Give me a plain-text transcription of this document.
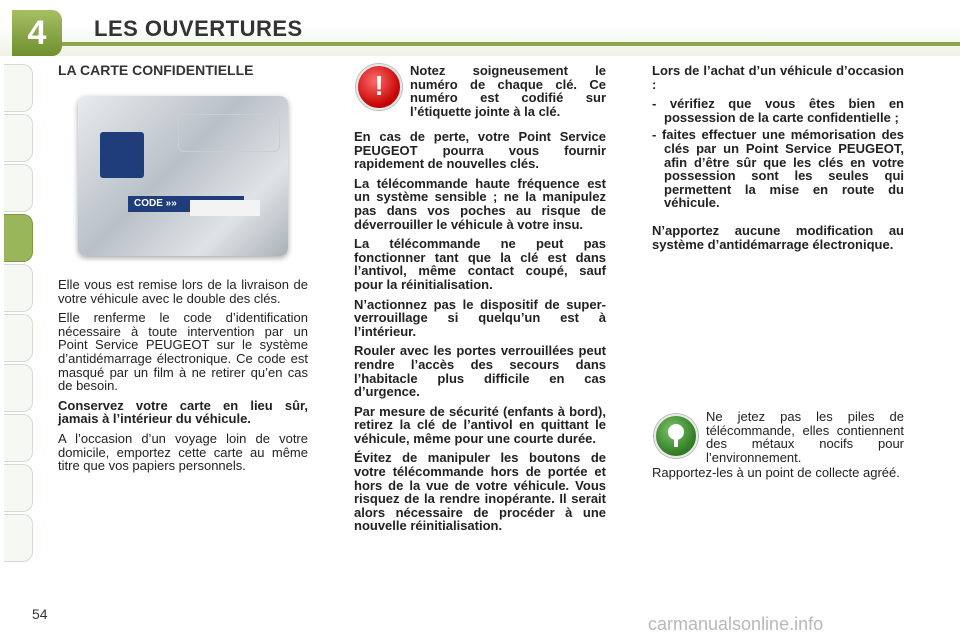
4	LES OUVERTURES
LA CARTE CONFIDENTIELLE
CODE »»

Elle vous est remise lors de la livraison de votre véhicule avec le double des clés.

Elle renferme le code d’identification nécessaire à toute intervention par un Point Service PEUGEOT sur le système d’antidémarrage électronique. Ce code est masqué par un film à ne retirer qu’en cas de besoin.

Conservez votre carte en lieu sûr, jamais à l’intérieur du véhicule.

A l’occasion d’un voyage loin de votre domicile, emportez cette carte au même titre que vos papiers personnels.

!	Notez soigneusement le numéro de chaque clé. Ce numéro est codifié sur l’étiquette jointe à la clé.

En cas de perte, votre Point Service PEUGEOT pourra vous fournir rapidement de nouvelles clés.

La télécommande haute fréquence est un système sensible ; ne la manipulez pas dans vos poches au risque de déverrouiller le véhicule à votre insu.

La télécommande ne peut pas fonctionner tant que la clé est dans l’antivol, même contact coupé, sauf pour la réinitialisation.

N’actionnez pas le dispositif de super-verrouillage si quelqu’un est à l’intérieur.

Rouler avec les portes verrouillées peut rendre l’accès des secours dans l’habitacle plus difficile en cas d’urgence.

Par mesure de sécurité (enfants à bord), retirez la clé de l’antivol en quittant le véhicule, même pour une courte durée.

Évitez de manipuler les boutons de votre télécommande hors de portée et hors de la vue de votre véhicule. Vous risquez de la rendre inopérante. Il serait alors nécessaire de procéder à une nouvelle réinitialisation.

Lors de l’achat d’un véhicule d’occasion :

- vérifiez que vous êtes bien en possession de la carte confidentielle ;
- faites effectuer une mémorisation des clés par un Point Service PEUGEOT, afin d’être sûr que les clés en votre possession sont les seules qui permettent la mise en route du véhicule.

N’apportez aucune modification au système d’antidémarrage électronique.

Ne jetez pas les piles de télécommande, elles contiennent des métaux nocifs pour l’environnement.

Rapportez-les à un point de collecte agréé.

54	carmanualsonline.info
